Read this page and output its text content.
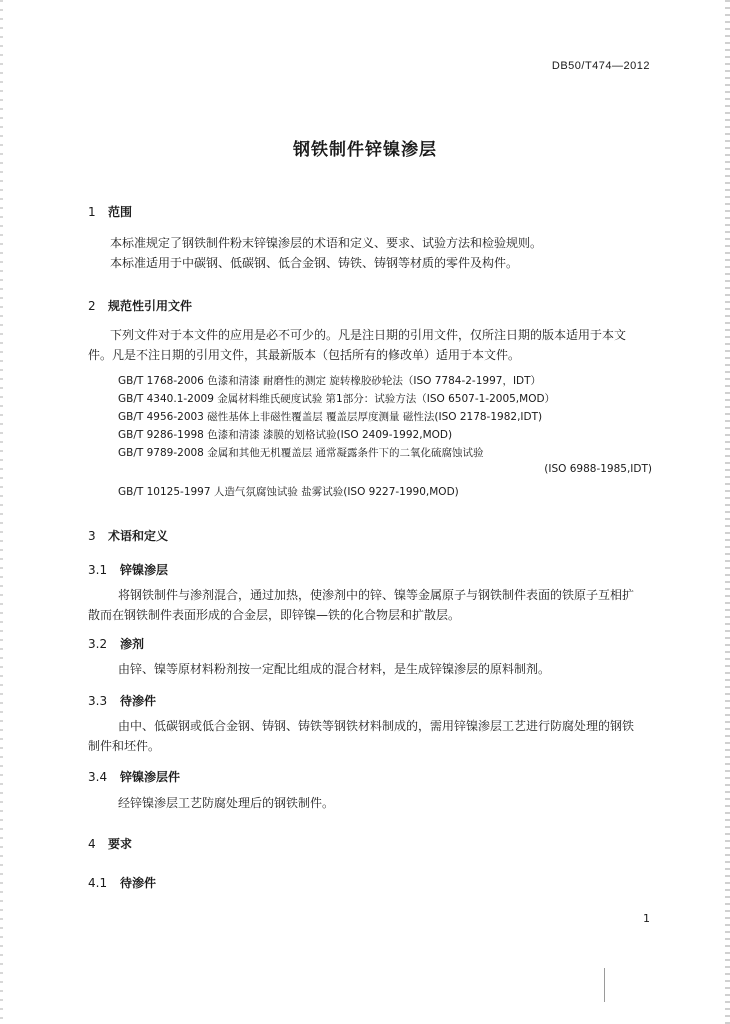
DB50/T474—2012
钢铁制件锌镍渗层
1 范围
本标准规定了钢铁制件粉末锌镍渗层的术语和定义、要求、试验方法和检验规则。
本标准适用于中碳钢、低碳钢、低合金钢、铸铁、铸钢等材质的零件及构件。
2 规范性引用文件
下列文件对于本文件的应用是必不可少的。凡是注日期的引用文件，仅所注日期的版本适用于本文
件。凡是不注日期的引用文件，其最新版本（包括所有的修改单）适用于本文件。
GB/T 1768-2006 色漆和清漆 耐磨性的测定 旋转橡胶砂轮法（ISO 7784-2-1997，IDT）
GB/T 4340.1-2009 金属材料维氏硬度试验 第1部分：试验方法（ISO 6507-1-2005,MOD）
GB/T 4956-2003 磁性基体上非磁性覆盖层 覆盖层厚度测量 磁性法(ISO 2178-1982,IDT)
GB/T 9286-1998 色漆和清漆 漆膜的划格试验(ISO 2409-1992,MOD)
GB/T 9789-2008 金属和其他无机覆盖层 通常凝露条件下的二氧化硫腐蚀试验
(ISO 6988-1985,IDT)
GB/T 10125-1997 人造气氛腐蚀试验 盐雾试验(ISO 9227-1990,MOD)
3 术语和定义
3.1 锌镍渗层
将钢铁制件与渗剂混合，通过加热，使渗剂中的锌、镍等金属原子与钢铁制件表面的铁原子互相扩
散而在钢铁制件表面形成的合金层，即锌镍—铁的化合物层和扩散层。
3.2 渗剂
由锌、镍等原材料粉剂按一定配比组成的混合材料，是生成锌镍渗层的原料制剂。
3.3 待渗件
由中、低碳钢或低合金钢、铸钢、铸铁等钢铁材料制成的，需用锌镍渗层工艺进行防腐处理的钢铁
制件和坯件。
3.4 锌镍渗层件
经锌镍渗层工艺防腐处理后的钢铁制件。
4 要求
4.1 待渗件
1
